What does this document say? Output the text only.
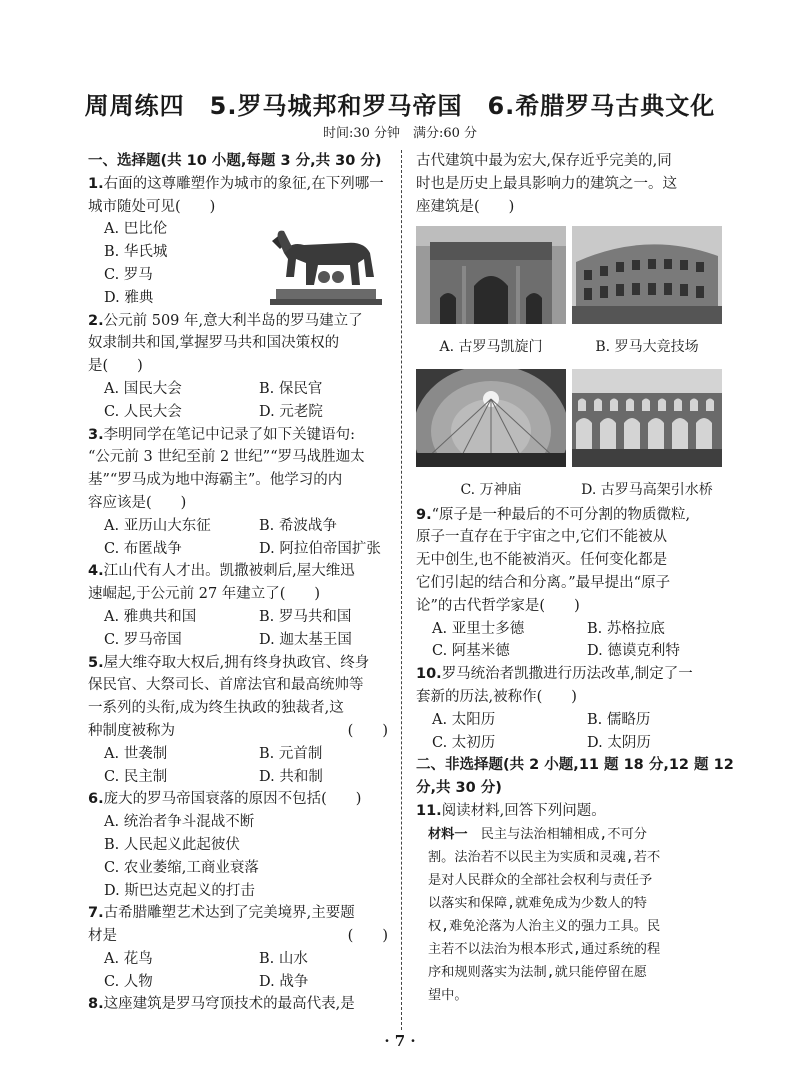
周周练四　5.罗马城邦和罗马帝国　6.希腊罗马古典文化
时间:30 分钟　满分:60 分
一、选择题(共 10 小题,每题 3 分,共 30 分)
1.右面的这尊雕塑作为城市的象征,在下列哪一
城市随处可见(　　)
A. 巴比伦
B. 华氏城
C. 罗马
D. 雅典
2.公元前 509 年,意大利半岛的罗马建立了
奴隶制共和国,掌握罗马共和国决策权的
是(　　)
A. 国民大会	B. 保民官
C. 人民大会	D. 元老院
3.李明同学在笔记中记录了如下关键语句:
“公元前 3 世纪至前 2 世纪”“罗马战胜迦太
基”“罗马成为地中海霸主”。他学习的内
容应该是(　　)
A. 亚历山大东征	B. 希波战争
C. 布匿战争	D. 阿拉伯帝国扩张
4.江山代有人才出。凯撒被刺后,屋大维迅
速崛起,于公元前 27 年建立了(　　)
A. 雅典共和国	B. 罗马共和国
C. 罗马帝国	D. 迦太基王国
5.屋大维夺取大权后,拥有终身执政官、终身
保民官、大祭司长、首席法官和最高统帅等
一系列的头衔,成为终生执政的独裁者,这
种制度被称为	(　　)
A. 世袭制	B. 元首制
C. 民主制	D. 共和制
6.庞大的罗马帝国衰落的原因不包括(　　)
A. 统治者争斗混战不断
B. 人民起义此起彼伏
C. 农业萎缩,工商业衰落
D. 斯巴达克起义的打击
7.古希腊雕塑艺术达到了完美境界,主要题
材是	(　　)
A. 花鸟	B. 山水
C. 人物	D. 战争
8.这座建筑是罗马穹顶技术的最高代表,是
古代建筑中最为宏大,保存近乎完美的,同
时也是历史上最具影响力的建筑之一。这
座建筑是(　　)
A. 古罗马凯旋门	B. 罗马大竞技场
C. 万神庙	D. 古罗马高架引水桥
9.“原子是一种最后的不可分割的物质微粒,
原子一直存在于宇宙之中,它们不能被从
无中创生,也不能被消灭。任何变化都是
它们引起的结合和分离。”最早提出“原子
论”的古代哲学家是(　　)
A. 亚里士多德	B. 苏格拉底
C. 阿基米德	D. 德谟克利特
10.罗马统治者凯撒进行历法改革,制定了一
套新的历法,被称作(　　)
A. 太阳历	B. 儒略历
C. 太初历	D. 太阴历
二、非选择题(共 2 小题,11 题 18 分,12 题 12
分,共 30 分)
11.阅读材料,回答下列问题。
材料一　民主与法治相辅相成,不可分
割。法治若不以民主为实质和灵魂,若不
是对人民群众的全部社会权利与责任予
以落实和保障,就难免成为少数人的特
权,难免沦落为人治主义的强力工具。民
主若不以法治为根本形式,通过系统的程
序和规则落实为法制,就只能停留在愿
望中。
· 7 ·
